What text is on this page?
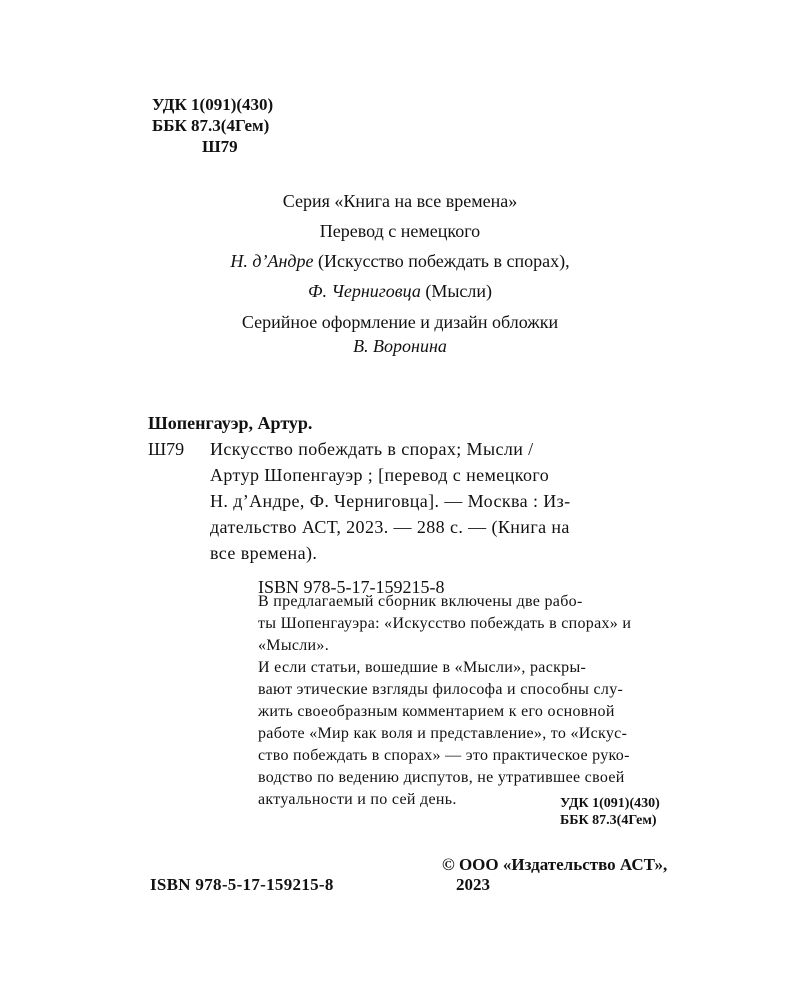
УДК 1(091)(430)
ББК 87.3(4Гем)
Ш79
Серия «Книга на все времена»
Перевод с немецкого
Н. д’Андре (Искусство побеждать в спорах),
Ф. Черниговца (Мысли)
Серийное оформление и дизайн обложки
В. Воронина
Шопенгауэр, Артур.
Ш79 Искусство побеждать в спорах; Мысли /
Артур Шопенгауэр ; [перевод с немецкого
Н. д’Андре, Ф. Черниговца]. — Москва : Из-
дательство АСТ, 2023. — 288 с. — (Книга на
все времена).
ISBN 978-5-17-159215-8
В предлагаемый сборник включены две рабо-
ты Шопенгауэра: «Искусство побеждать в спорах» и
«Мысли».
И если статьи, вошедшие в «Мысли», раскры-
вают этические взгляды философа и способны слу-
жить своеобразным комментарием к его основной
работе «Мир как воля и представление», то «Искус-
ство побеждать в спорах» — это практическое руко-
водство по ведению диспутов, не утратившее своей
актуальности и по сей день.	УДК 1(091)(430)
ББК 87.3(4Гем)
© ООО «Издательство АСТ»,
2023
ISBN 978-5-17-159215-8
